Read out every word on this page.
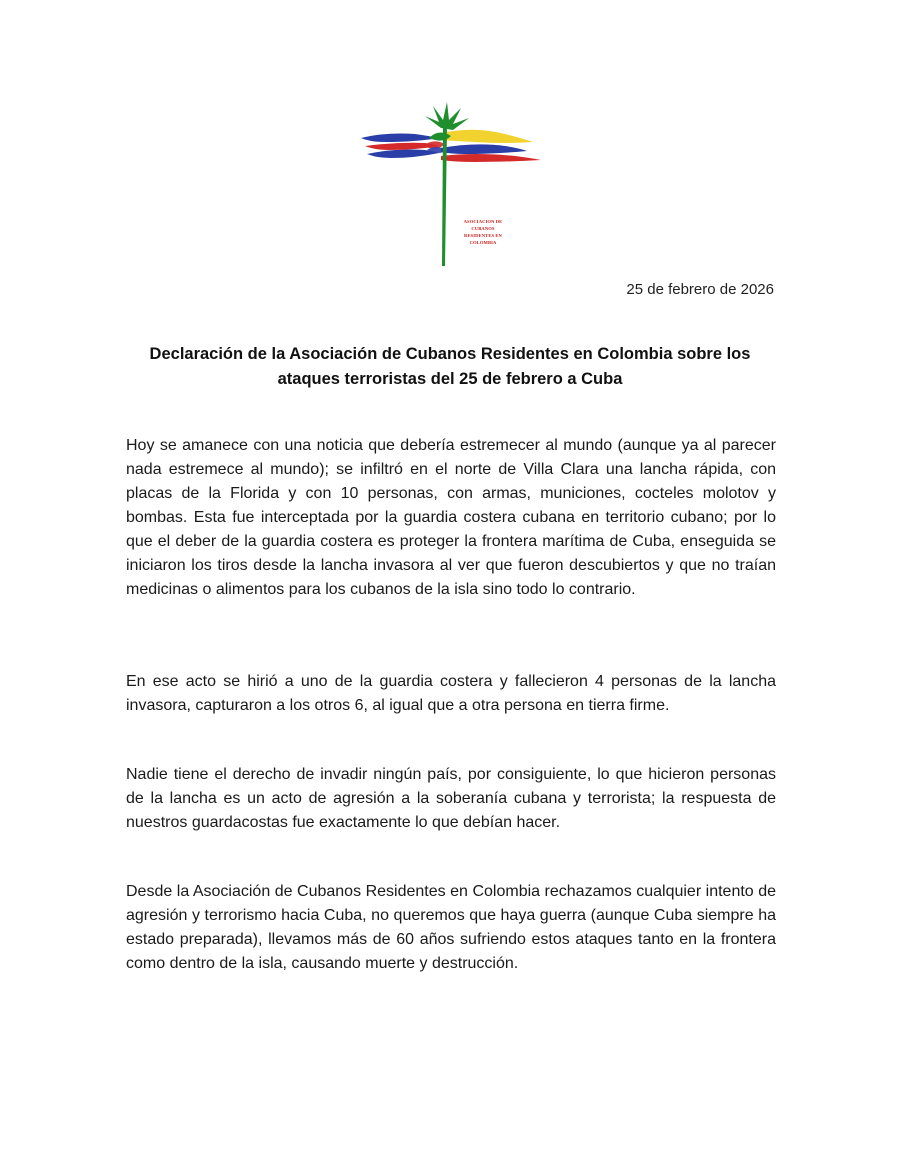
ASOCIACION DE
CUBANOS
RESIDENTES EN
COLOMBIA
25 de febrero de 2026
Declaración de la Asociación de Cubanos Residentes en Colombia sobre los
ataques terroristas del 25 de febrero a Cuba

Hoy se amanece con una noticia que debería estremecer al mundo (aunque ya al parecer nada estremece al mundo); se infiltró en el norte de Villa Clara una lancha rápida, con placas de la Florida y con 10 personas, con armas, municiones, cocteles molotov y bombas. Esta fue interceptada por la guardia costera cubana en territorio cubano; por lo que el deber de la guardia costera es proteger la frontera marítima de Cuba, enseguida se iniciaron los tiros desde la lancha invasora al ver que fueron descubiertos y que no traían medicinas o alimentos para los cubanos de la isla sino todo lo contrario.

En ese acto se hirió a uno de la guardia costera y fallecieron 4 personas de la lancha invasora, capturaron a los otros 6, al igual que a otra persona en tierra firme.

Nadie tiene el derecho de invadir ningún país, por consiguiente, lo que hicieron personas de la lancha es un acto de agresión a la soberanía cubana y terrorista; la respuesta de nuestros guardacostas fue exactamente lo que debían hacer.

Desde la Asociación de Cubanos Residentes en Colombia rechazamos cualquier intento de agresión y terrorismo hacia Cuba, no queremos que haya guerra (aunque Cuba siempre ha estado preparada), llevamos más de 60 años sufriendo estos ataques tanto en la frontera como dentro de la isla, causando muerte y destrucción.
